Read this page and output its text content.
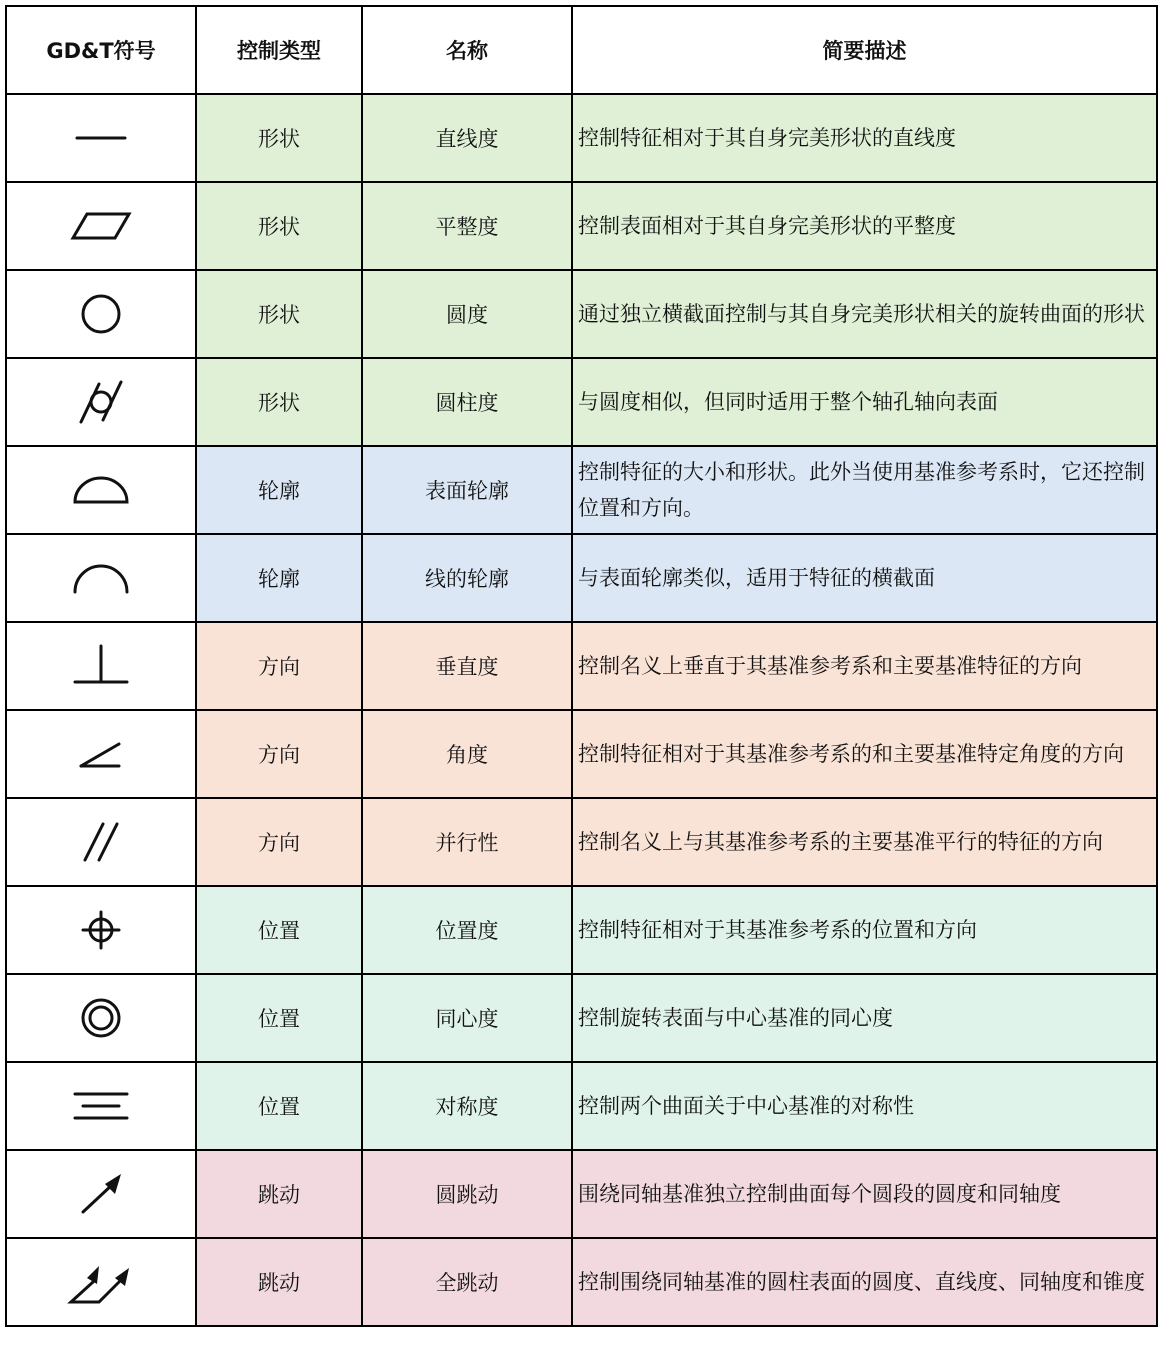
GD&T符号	控制类型	名称	简要描述

	形状	直线度	控制特征相对于其自身完美形状的直线度

	形状	平整度	控制表面相对于其自身完美形状的平整度

	形状	圆度	通过独立横截面控制与其自身完美形状相关的旋转曲面的形状

	形状	圆柱度	与圆度相似，但同时适用于整个轴孔轴向表面

	轮廓	表面轮廓	控制特征的大小和形状。此外当使用基准参考系时，它还控制位置和方向。

	轮廓	线的轮廓	与表面轮廓类似，适用于特征的横截面

	方向	垂直度	控制名义上垂直于其基准参考系和主要基准特征的方向

	方向	角度	控制特征相对于其基准参考系的和主要基准特定角度的方向

	方向	并行性	控制名义上与其基准参考系的主要基准平行的特征的方向

	位置	位置度	控制特征相对于其基准参考系的位置和方向

	位置	同心度	控制旋转表面与中心基准的同心度

	位置	对称度	控制两个曲面关于中心基准的对称性

	跳动	圆跳动	围绕同轴基准独立控制曲面每个圆段的圆度和同轴度

	跳动	全跳动	控制围绕同轴基准的圆柱表面的圆度、直线度、同轴度和锥度
